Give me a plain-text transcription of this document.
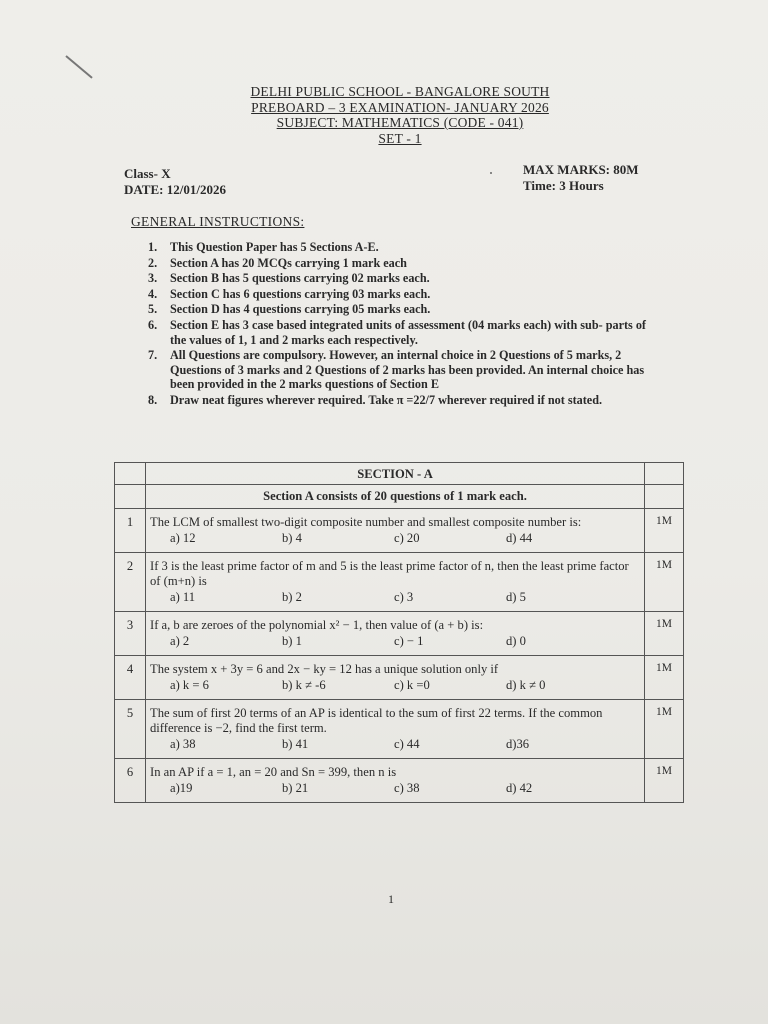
DELHI PUBLIC SCHOOL - BANGALORE SOUTH
PREBOARD – 3 EXAMINATION- JANUARY 2026
SUBJECT: MATHEMATICS (CODE - 041)
SET - 1
Class- X
DATE: 12/01/2026
MAX MARKS: 80M
Time: 3 Hours
GENERAL INSTRUCTIONS:
1.	This Question Paper has 5 Sections A-E.
2.	Section A has 20 MCQs carrying 1 mark each
3.	Section B has 5 questions carrying 02 marks each.
4.	Section C has 6 questions carrying 03 marks each.
5.	Section D has 4 questions carrying 05 marks each.
6.	Section E has 3 case based integrated units of assessment (04 marks each) with sub- parts of the values of 1, 1 and 2 marks each respectively.
7.	All Questions are compulsory. However, an internal choice in 2 Questions of 5 marks, 2 Questions of 3 marks and 2 Questions of 2 marks has been provided. An internal choice has been provided in the 2 marks questions of Section E
8.	Draw neat figures wherever required. Take π =22/7 wherever required if not stated.
	SECTION - A	
	Section A consists of 20 questions of 1 mark each.	
1	The LCM of smallest two-digit composite number and smallest composite number is:
a) 12 b) 4 c) 20 d) 44	1M
2	If 3 is the least prime factor of m and 5 is the least prime factor of n, then the least prime factor of (m+n) is
a) 11 b) 2 c) 3 d) 5	1M
3	If a, b are zeroes of the polynomial x² − 1, then value of (a + b) is:
a) 2 b) 1 c) − 1 d) 0	1M
4	The system x + 3y = 6 and 2x − ky = 12 has a unique solution only if
a) k = 6 b) k ≠ -6 c) k =0 d) k ≠ 0	1M
5	The sum of first 20 terms of an AP is identical to the sum of first 22 terms. If the common difference is −2, find the first term.
a) 38 b) 41 c) 44 d)36	1M
6	In an AP if a = 1, an = 20 and Sn = 399, then n is
a)19 b) 21 c) 38 d) 42	1M
1
